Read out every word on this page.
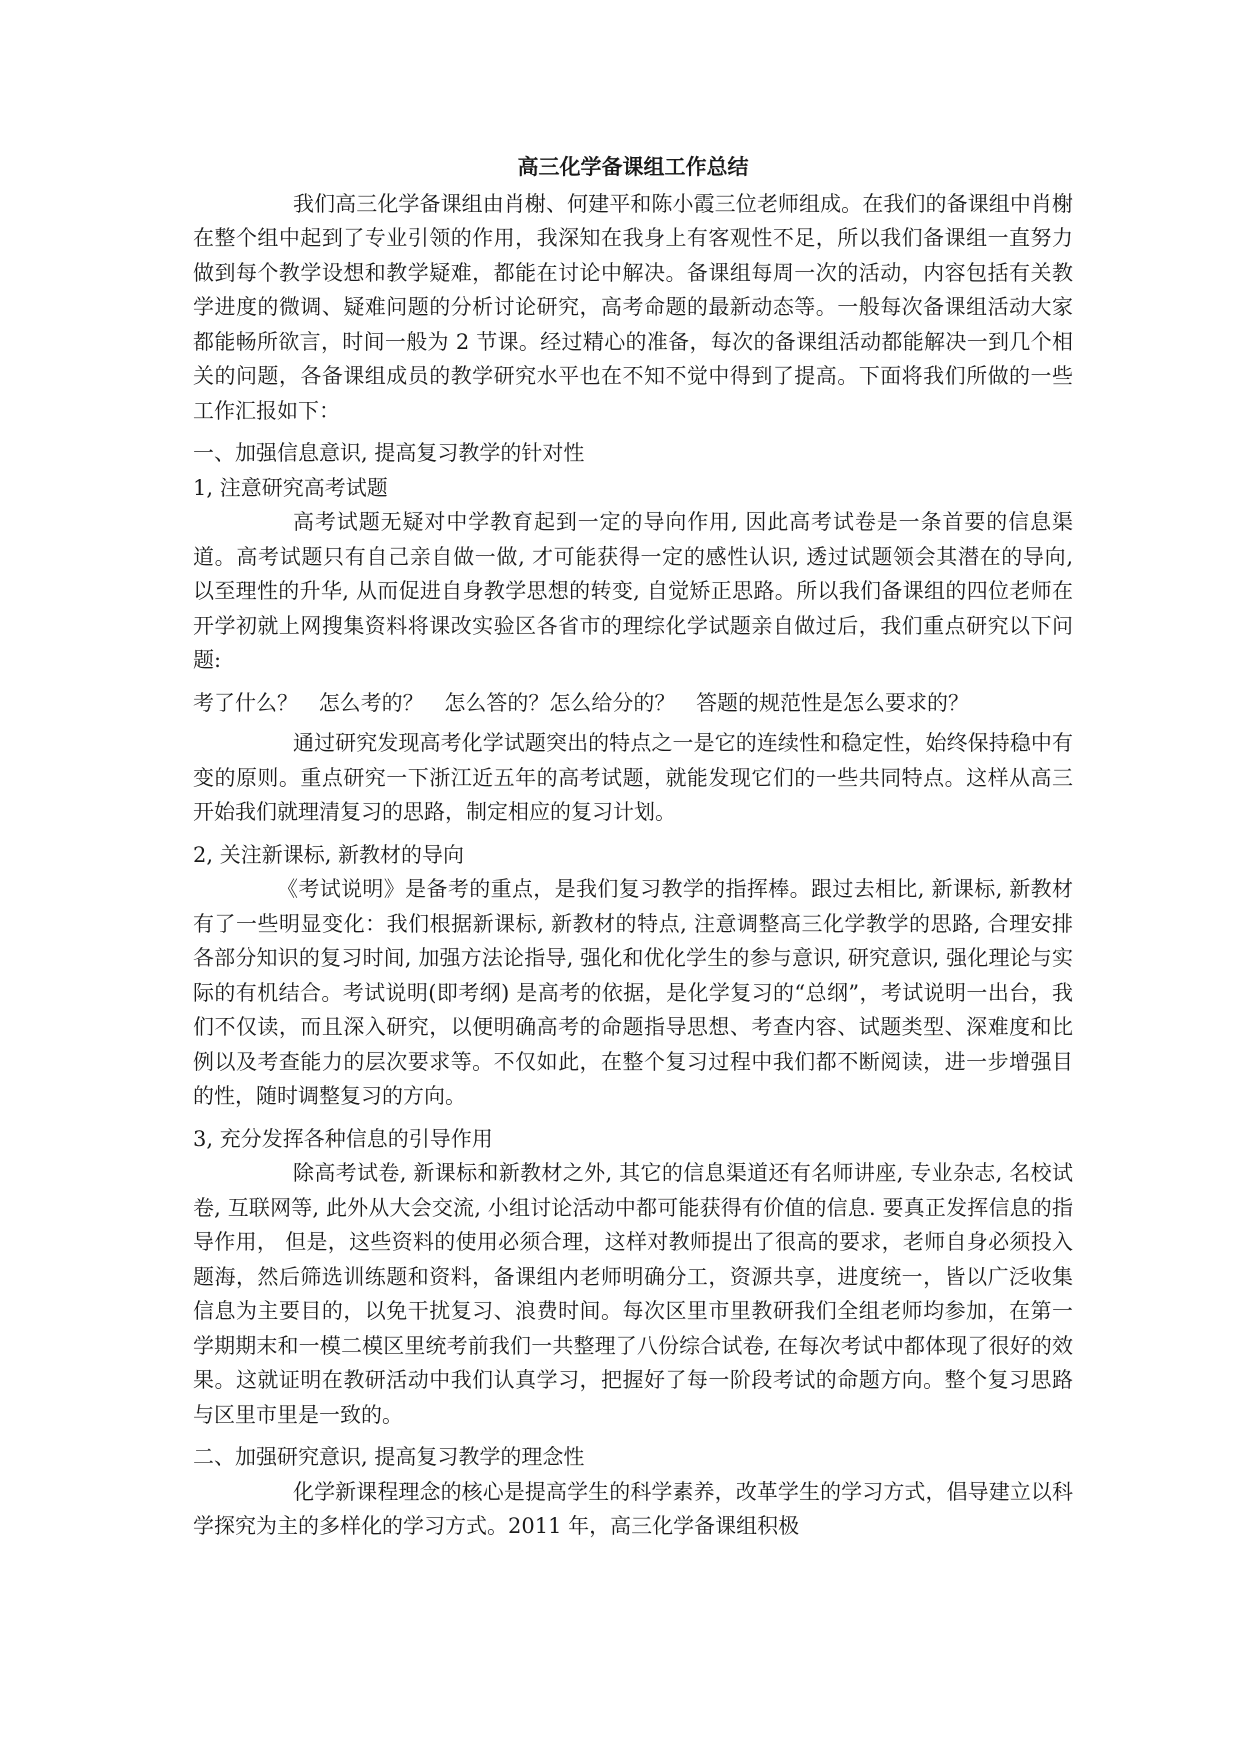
高三化学备课组工作总结

我们高三化学备课组由肖榭、何建平和陈小霞三位老师组成。在我们的备课组中肖榭在整个组中起到了专业引领的作用，我深知在我身上有客观性不足，所以我们备课组一直努力做到每个教学设想和教学疑难，都能在讨论中解决。备课组每周一次的活动，内容包括有关教学进度的微调、疑难问题的分析讨论研究，高考命题的最新动态等。一般每次备课组活动大家都能畅所欲言，时间一般为 2 节课。经过精心的准备，每次的备课组活动都能解决一到几个相关的问题，各备课组成员的教学研究水平也在不知不觉中得到了提高。下面将我们所做的一些工作汇报如下：

一、加强信息意识, 提高复习教学的针对性

1, 注意研究高考试题

高考试题无疑对中学教育起到一定的导向作用, 因此高考试卷是一条首要的信息渠道。高考试题只有自己亲自做一做, 才可能获得一定的感性认识, 透过试题领会其潜在的导向, 以至理性的升华, 从而促进自身教学思想的转变, 自觉矫正思路。所以我们备课组的四位老师在开学初就上网搜集资料将课改实验区各省市的理综化学试题亲自做过后，我们重点研究以下问题:

考了什么？ 怎么考的？ 怎么答的？怎么给分的？ 答题的规范性是怎么要求的？

通过研究发现高考化学试题突出的特点之一是它的连续性和稳定性，始终保持稳中有变的原则。重点研究一下浙江近五年的高考试题，就能发现它们的一些共同特点。这样从高三开始我们就理清复习的思路，制定相应的复习计划。

2, 关注新课标, 新教材的导向

《考试说明》是备考的重点，是我们复习教学的指挥棒。跟过去相比, 新课标, 新教材有了一些明显变化：我们根据新课标, 新教材的特点, 注意调整高三化学教学的思路, 合理安排各部分知识的复习时间, 加强方法论指导, 强化和优化学生的参与意识, 研究意识, 强化理论与实际的有机结合。考试说明(即考纲) 是高考的依据，是化学复习的“总纲”，考试说明一出台，我们不仅读，而且深入研究，以便明确高考的命题指导思想、考查内容、试题类型、深难度和比例以及考查能力的层次要求等。不仅如此，在整个复习过程中我们都不断阅读，进一步增强目的性，随时调整复习的方向。

3, 充分发挥各种信息的引导作用

除高考试卷, 新课标和新教材之外, 其它的信息渠道还有名师讲座, 专业杂志, 名校试卷, 互联网等, 此外从大会交流, 小组讨论活动中都可能获得有价值的信息. 要真正发挥信息的指导作用， 但是，这些资料的使用必须合理，这样对教师提出了很高的要求，老师自身必须投入题海，然后筛选训练题和资料，备课组内老师明确分工，资源共享，进度统一，皆以广泛收集信息为主要目的，以免干扰复习、浪费时间。每次区里市里教研我们全组老师均参加，在第一学期期末和一模二模区里统考前我们一共整理了八份综合试卷, 在每次考试中都体现了很好的效果。这就证明在教研活动中我们认真学习，把握好了每一阶段考试的命题方向。整个复习思路与区里市里是一致的。

二、加强研究意识, 提高复习教学的理念性

化学新课程理念的核心是提高学生的科学素养，改革学生的学习方式，倡导建立以科学探究为主的多样化的学习方式。2011 年，高三化学备课组积极
